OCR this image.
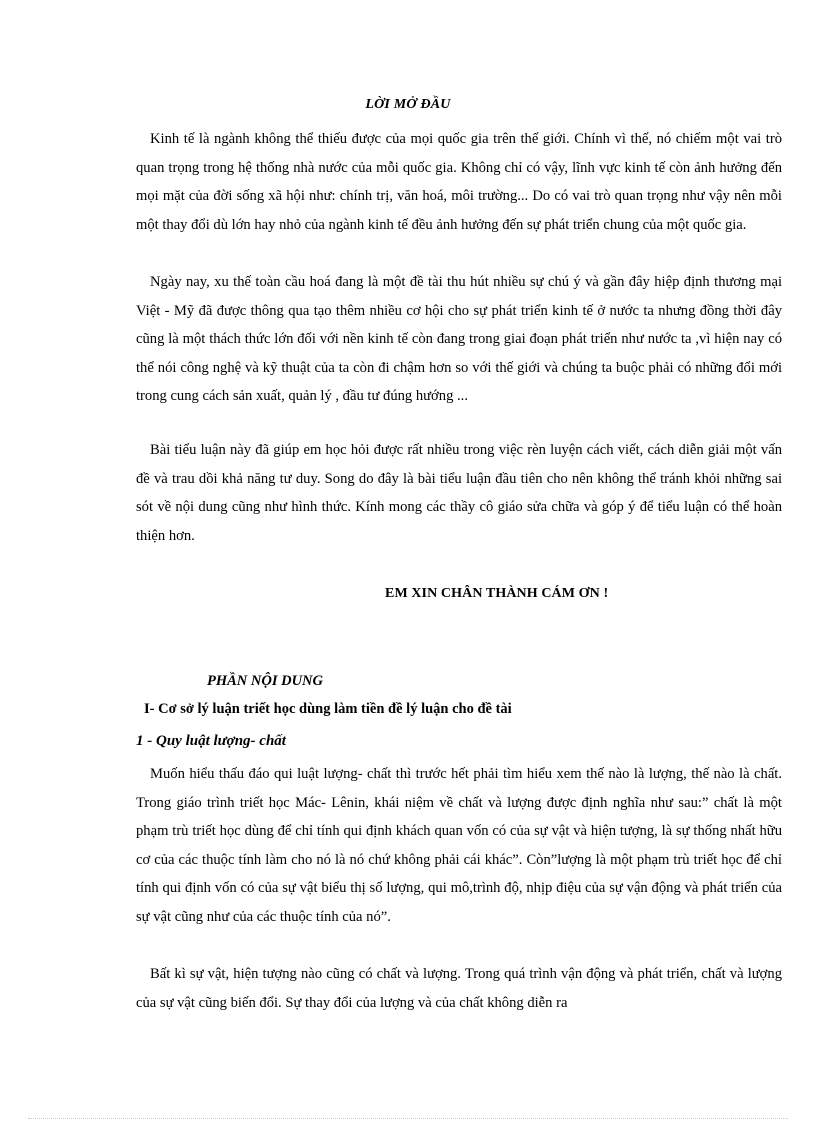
LỜI MỞ ĐẦU

Kinh tế là ngành không thể thiếu được của mọi quốc gia trên thế giới. Chính vì thế, nó chiếm một vai trò quan trọng trong hệ thống nhà nước của mỗi quốc gia. Không chỉ có vậy, lĩnh vực kinh tế còn ảnh hưởng đến mọi mặt của đời sống xã hội như: chính trị, văn hoá, môi trường... Do có vai trò quan trọng như vậy nên mỗi một thay đổi dù lớn hay nhỏ của ngành kinh tế đều ảnh hưởng đến sự phát triển chung của một quốc gia.

Ngày nay, xu thế toàn cầu hoá đang là một đề tài thu hút nhiều sự chú ý và gần đây hiệp định thương mại Việt - Mỹ đã được thông qua tạo thêm nhiều cơ hội cho sự phát triển kinh tế ở nước ta nhưng đồng thời đây cũng là một thách thức lớn đối với nền kinh tế còn đang trong giai đoạn phát triển như nước ta ,vì hiện nay có thể nói công nghệ và kỹ thuật của ta còn đi chậm hơn so với thế giới và chúng ta buộc phải có những đổi mới trong cung cách sản xuất, quản lý , đầu tư đúng hướng ...

Bài tiểu luận này đã giúp em học hỏi được rất nhiều trong việc rèn luyện cách viết, cách diễn giải một vấn đề và trau dồi khả năng tư duy. Song do đây là bài tiểu luận đầu tiên cho nên không thể tránh khỏi những sai sót về nội dung cũng như hình thức. Kính mong các thầy cô giáo sửa chữa và góp ý để tiểu luận có thể hoàn thiện hơn.

EM XIN CHÂN THÀNH CÁM ƠN !
PHẦN NỘI DUNG
I- Cơ sở lý luận triết học dùng làm tiền đề lý luận cho đề tài
1 - Quy luật lượng- chất

Muốn hiểu thấu đáo qui luật lượng- chất thì trước hết phải tìm hiểu xem thế nào là lượng, thế nào là chất. Trong giáo trình triết học Mác- Lênin, khái niệm về chất và lượng được định nghĩa như sau:” chất là một phạm trù triết học dùng để chỉ tính qui định khách quan vốn có của sự vật và hiện tượng, là sự thống nhất hữu cơ của các thuộc tính làm cho nó là nó chứ không phải cái khác”. Còn”lượng là một phạm trù triết học để chỉ tính qui định vốn có của sự vật biểu thị số lượng, qui mô,trình độ, nhịp điệu của sự vận động và phát triển của sự vật cũng như của các thuộc tính của nó”.

Bất kì sự vật, hiện tượng nào cũng có chất và lượng. Trong quá trình vận động và phát triển, chất và lượng của sự vật cũng biến đổi. Sự thay đổi của lượng và của chất không diễn ra
